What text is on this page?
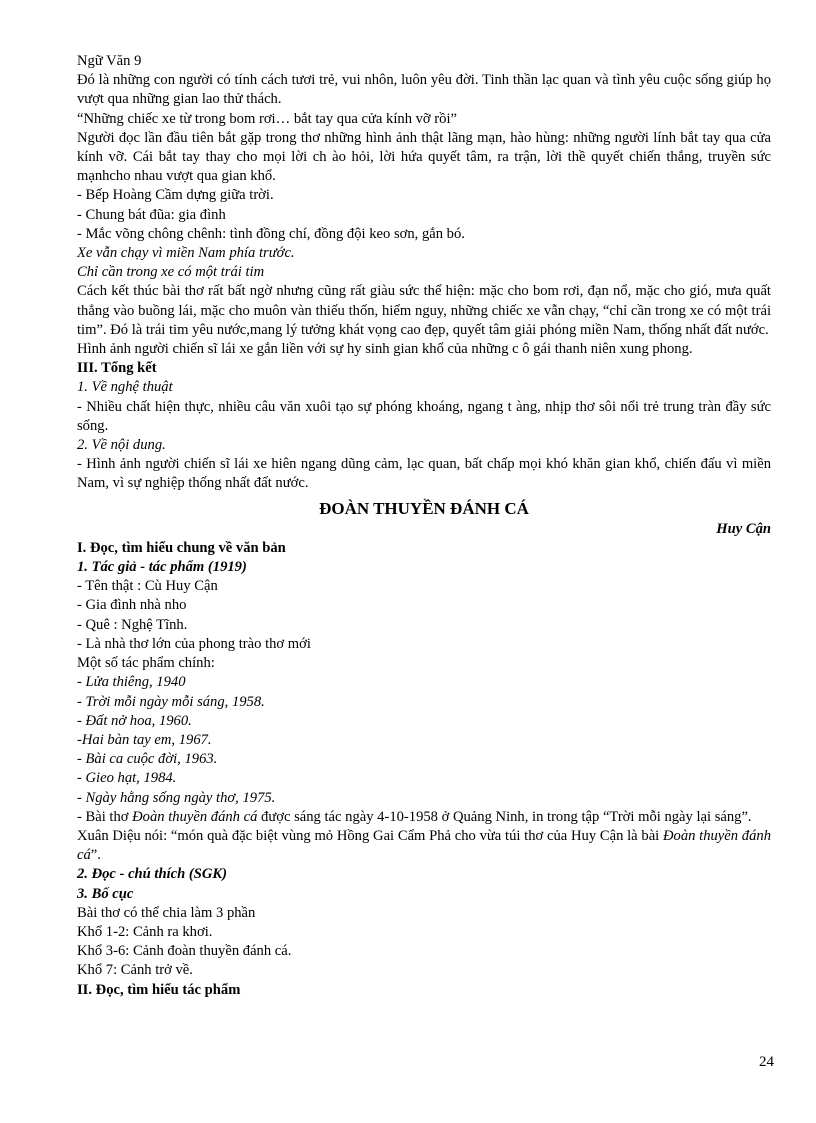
Ngữ Văn 9

Đó là những con người có tính cách tươi trẻ, vui nhôn, luôn yêu đời. Tinh thần lạc quan và tình yêu cuộc sống giúp họ vượt qua những gian lao thử thách.

“Những chiếc xe từ trong bom rơi… bắt tay qua cửa kính vỡ rồi”

Người đọc lần đầu tiên bắt gặp trong thơ những hình ảnh thật lãng mạn, hào hùng: những người lính bắt tay qua cửa kính vỡ. Cái bắt tay thay cho mọi lời ch ào hỏi, lời hứa quyết tâm, ra trận, lời thề quyết chiến thắng, truyền sức mạnhcho nhau vượt qua gian khổ.

- Bếp Hoàng Cầm dựng giữa trời.

- Chung bát đũa: gia đình

- Mắc võng chông chênh: tình đồng chí, đồng đội keo sơn, gắn bó.

Xe vẫn chạy vì miền Nam phía trước.

Chỉ cần trong xe có một trái tim

Cách kết thúc bài thơ rất bất ngờ nhưng cũng rất giàu sức thể hiện: mặc cho bom rơi, đạn nổ, mặc cho gió, mưa quất thẳng vào buồng lái, mặc cho muôn vàn thiếu thốn, hiểm nguy, những chiếc xe vẫn chạy, “chỉ cần trong xe có một trái tim”. Đó là trái tim yêu nước,mang lý tưởng khát vọng cao đẹp, quyết tâm giải phóng miền Nam, thống nhất đất nước.

Hình ảnh người chiến sĩ lái xe gắn liền với sự hy sinh gian khổ của những c ô gái thanh niên xung phong.

III. Tổng kết

1. Về nghệ thuật

- Nhiều chất hiện thực, nhiều câu văn xuôi tạo sự phóng khoáng, ngang t àng, nhịp thơ sôi nổi trẻ trung tràn đầy sức sống.

2. Về nội dung.

- Hình ảnh người chiến sĩ lái xe hiên ngang dũng cảm, lạc quan, bất chấp mọi khó khăn gian khổ, chiến đấu vì miền Nam, vì sự nghiệp thống nhất đất nước.

ĐOÀN THUYỀN ĐÁNH CÁ

Huy Cận

I. Đọc, tìm hiểu chung về văn bản

1. Tác giả - tác phẩm (1919)

- Tên thật : Cù Huy Cận

- Gia đình nhà nho

- Quê : Nghệ Tĩnh.

- Là nhà thơ lớn của phong trào thơ mới

Một số tác phẩm chính:

- Lửa thiêng, 1940

- Trời mỗi ngày mỗi sáng, 1958.

- Đất nở hoa, 1960.

-Hai bàn tay em, 1967.

- Bài ca cuộc đời, 1963.

- Gieo hạt, 1984.

- Ngày hằng sống ngày thơ, 1975.

- Bài thơ Đoàn thuyền đánh cá được sáng tác ngày 4-10-1958 ở Quảng Ninh, in trong tập “Trời mỗi ngày lại sáng”.

Xuân Diệu nói: “món quà đặc biệt vùng mỏ Hồng Gai Cẩm Phả cho vừa túi thơ của Huy Cận là bài Đoàn thuyền đánh cá”.

2. Đọc - chú thích (SGK)

3. Bố cục

Bài thơ có thể chia làm 3 phần

Khổ 1-2: Cảnh ra khơi.

Khổ 3-6: Cảnh đoàn thuyền đánh cá.

Khổ 7: Cảnh trở về.

II. Đọc, tìm hiểu tác phẩm

24
